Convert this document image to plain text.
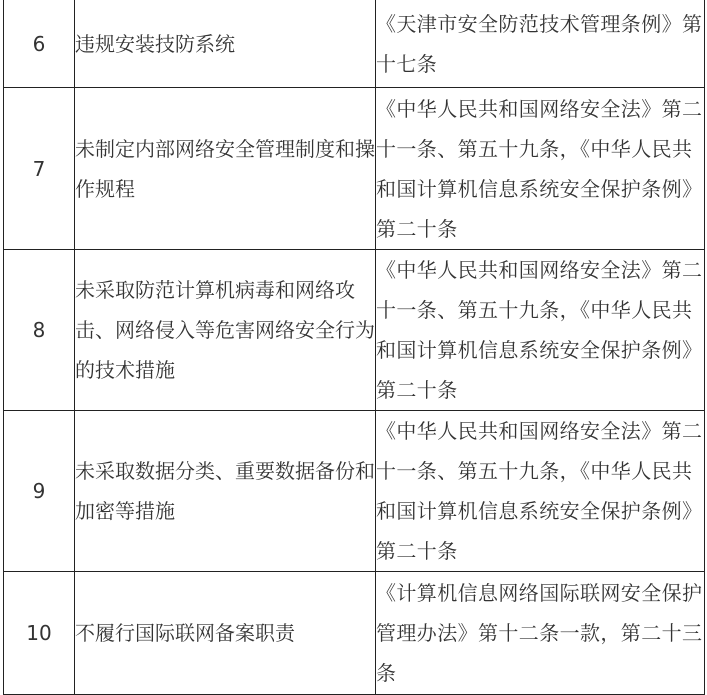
6	违规安装技防系统	《天津市安全防范技术管理条例》第十七条

7	未制定内部网络安全管理制度和操作规程	《中华人民共和国网络安全法》第二十一条、第五十九条，《中华人民共和国计算机信息系统安全保护条例》第二十条

8	未采取防范计算机病毒和网络攻击、网络侵入等危害网络安全行为的技术措施	《中华人民共和国网络安全法》第二十一条、第五十九条，《中华人民共和国计算机信息系统安全保护条例》第二十条

9	未采取数据分类、重要数据备份和加密等措施	《中华人民共和国网络安全法》第二十一条、第五十九条，《中华人民共和国计算机信息系统安全保护条例》第二十条

10	不履行国际联网备案职责	《计算机信息网络国际联网安全保护管理办法》第十二条一款，第二十三条
